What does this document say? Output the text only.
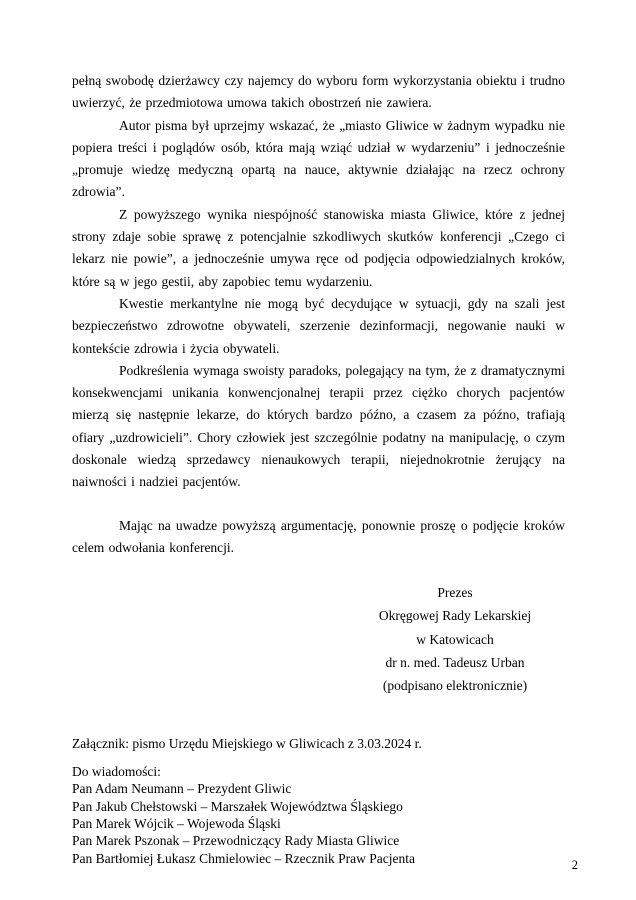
pełną swobodę dzierżawcy czy najemcy do wyboru form wykorzystania obiektu i trudno uwierzyć, że przedmiotowa umowa takich obostrzeń nie zawiera.

Autor pisma był uprzejmy wskazać, że „miasto Gliwice w żadnym wypadku nie popiera treści i poglądów osób, która mają wziąć udział w wydarzeniu” i jednocześnie „promuje wiedzę medyczną opartą na nauce, aktywnie działając na rzecz ochrony zdrowia”.

Z powyższego wynika niespójność stanowiska miasta Gliwice, które z jednej strony zdaje sobie sprawę z potencjalnie szkodliwych skutków konferencji „Czego ci lekarz nie powie”, a jednocześnie umywa ręce od podjęcia odpowiedzialnych kroków, które są w jego gestii, aby zapobiec temu wydarzeniu.

Kwestie merkantylne nie mogą być decydujące w sytuacji, gdy na szali jest bezpieczeństwo zdrowotne obywateli, szerzenie dezinformacji, negowanie nauki w kontekście zdrowia i życia obywateli.

Podkreślenia wymaga swoisty paradoks, polegający na tym, że z dramatycznymi konsekwencjami unikania konwencjonalnej terapii przez ciężko chorych pacjentów mierzą się następnie lekarze, do których bardzo późno, a czasem za późno, trafiają ofiary „uzdrowicieli”. Chory człowiek jest szczególnie podatny na manipulację, o czym doskonale wiedzą sprzedawcy nienaukowych terapii, niejednokrotnie żerujący na naiwności i nadziei pacjentów.

Mając na uwadze powyższą argumentację, ponownie proszę o podjęcie kroków celem odwołania konferencji.

Prezes
Okręgowej Rady Lekarskiej
w Katowicach
dr n. med. Tadeusz Urban
(podpisano elektronicznie)

Załącznik: pismo Urzędu Miejskiego w Gliwicach z 3.03.2024 r.

Do wiadomości:
Pan Adam Neumann – Prezydent Gliwic
Pan Jakub Chełstowski – Marszałek Województwa Śląskiego
Pan Marek Wójcik – Wojewoda Śląski
Pan Marek Pszonak – Przewodniczący Rady Miasta Gliwice
Pan Bartłomiej Łukasz Chmielowiec – Rzecznik Praw Pacjenta	2
